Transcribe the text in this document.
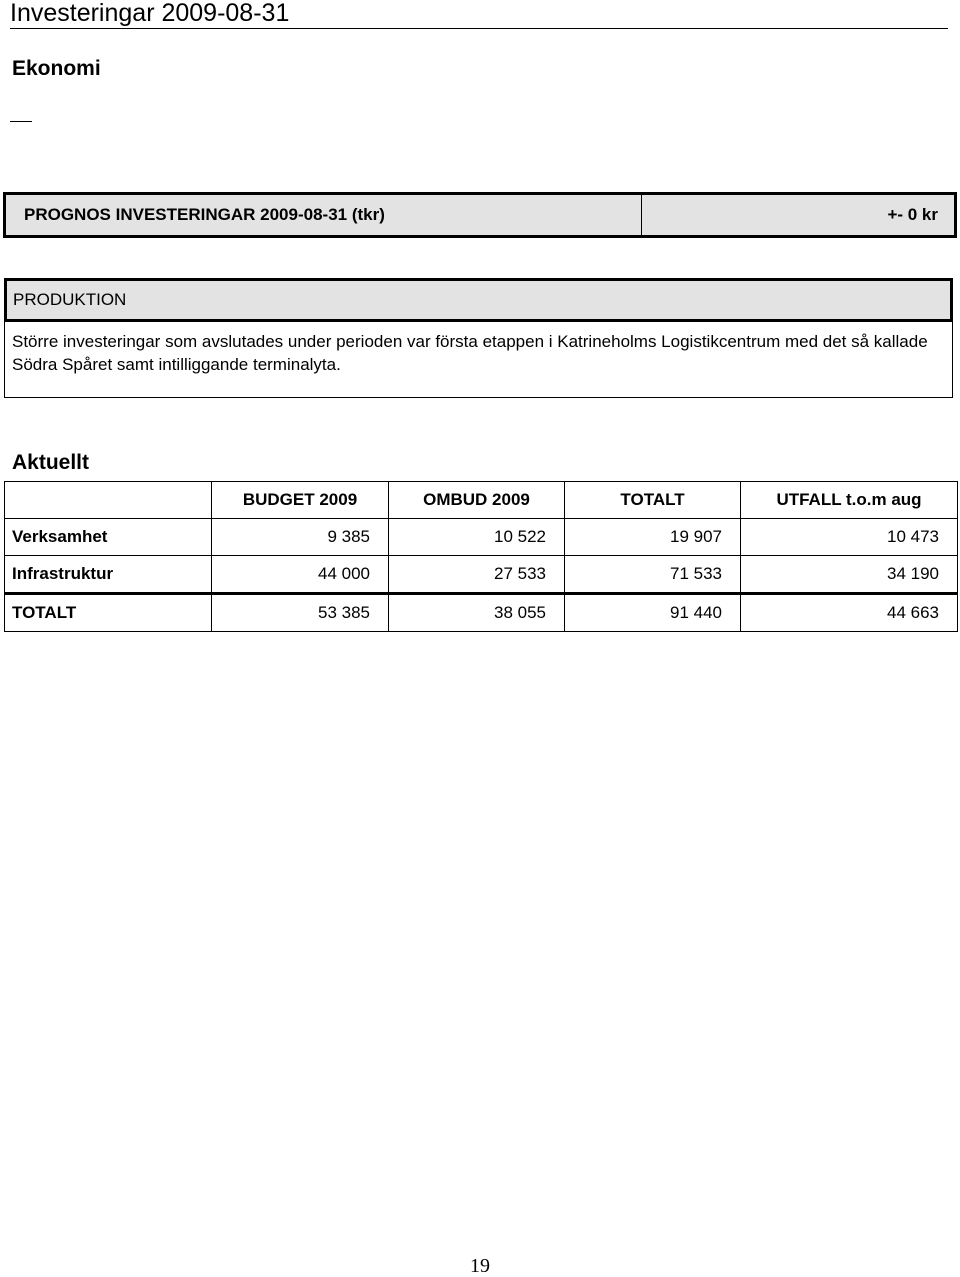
Investeringar 2009-08-31
Ekonomi
PROGNOS INVESTERINGAR 2009-08-31 (tkr)	+- 0 kr
PRODUKTION
Större investeringar som avslutades under perioden var första etappen i Katrineholms Logistikcentrum med det så kallade Södra Spåret samt intilliggande terminalyta.
Aktuellt
	BUDGET 2009	OMBUD 2009	TOTALT	UTFALL t.o.m aug
Verksamhet	9 385	10 522	19 907	10 473
Infrastruktur	44 000	27 533	71 533	34 190
TOTALT	53 385	38 055	91 440	44 663
19
